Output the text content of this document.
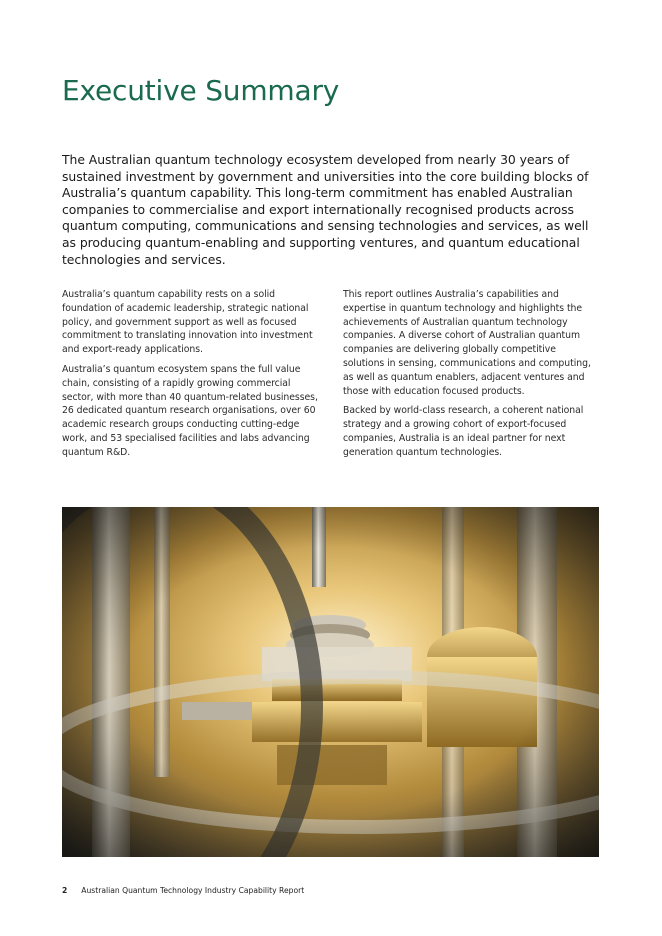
Executive Summary

The Australian quantum technology ecosystem developed from nearly 30 years of sustained investment by government and universities into the core building blocks of Australia’s quantum capability. This long-term commitment has enabled Australian companies to commercialise and export internationally recognised products across quantum computing, communications and sensing technologies and services, as well as producing quantum-enabling and supporting ventures, and quantum educational technologies and services.

Australia’s quantum capability rests on a solid foundation of academic leadership, strategic national policy, and government support as well as focused commitment to translating innovation into investment and export-ready applications.

Australia’s quantum ecosystem spans the full value chain, consisting of a rapidly growing commercial sector, with more than 40 quantum-related businesses, 26 dedicated quantum research organisations, over 60 academic research groups conducting cutting-edge work, and 53 specialised facilities and labs advancing quantum R&D.

This report outlines Australia’s capabilities and expertise in quantum technology and highlights the achievements of Australian quantum technology companies. A diverse cohort of Australian quantum companies are delivering globally competitive solutions in sensing, communications and computing, as well as quantum enablers, adjacent ventures and those with education focused products.

Backed by world-class research, a coherent national strategy and a growing cohort of export-focused companies, Australia is an ideal partner for next generation quantum technologies.

2 Australian Quantum Technology Industry Capability Report
